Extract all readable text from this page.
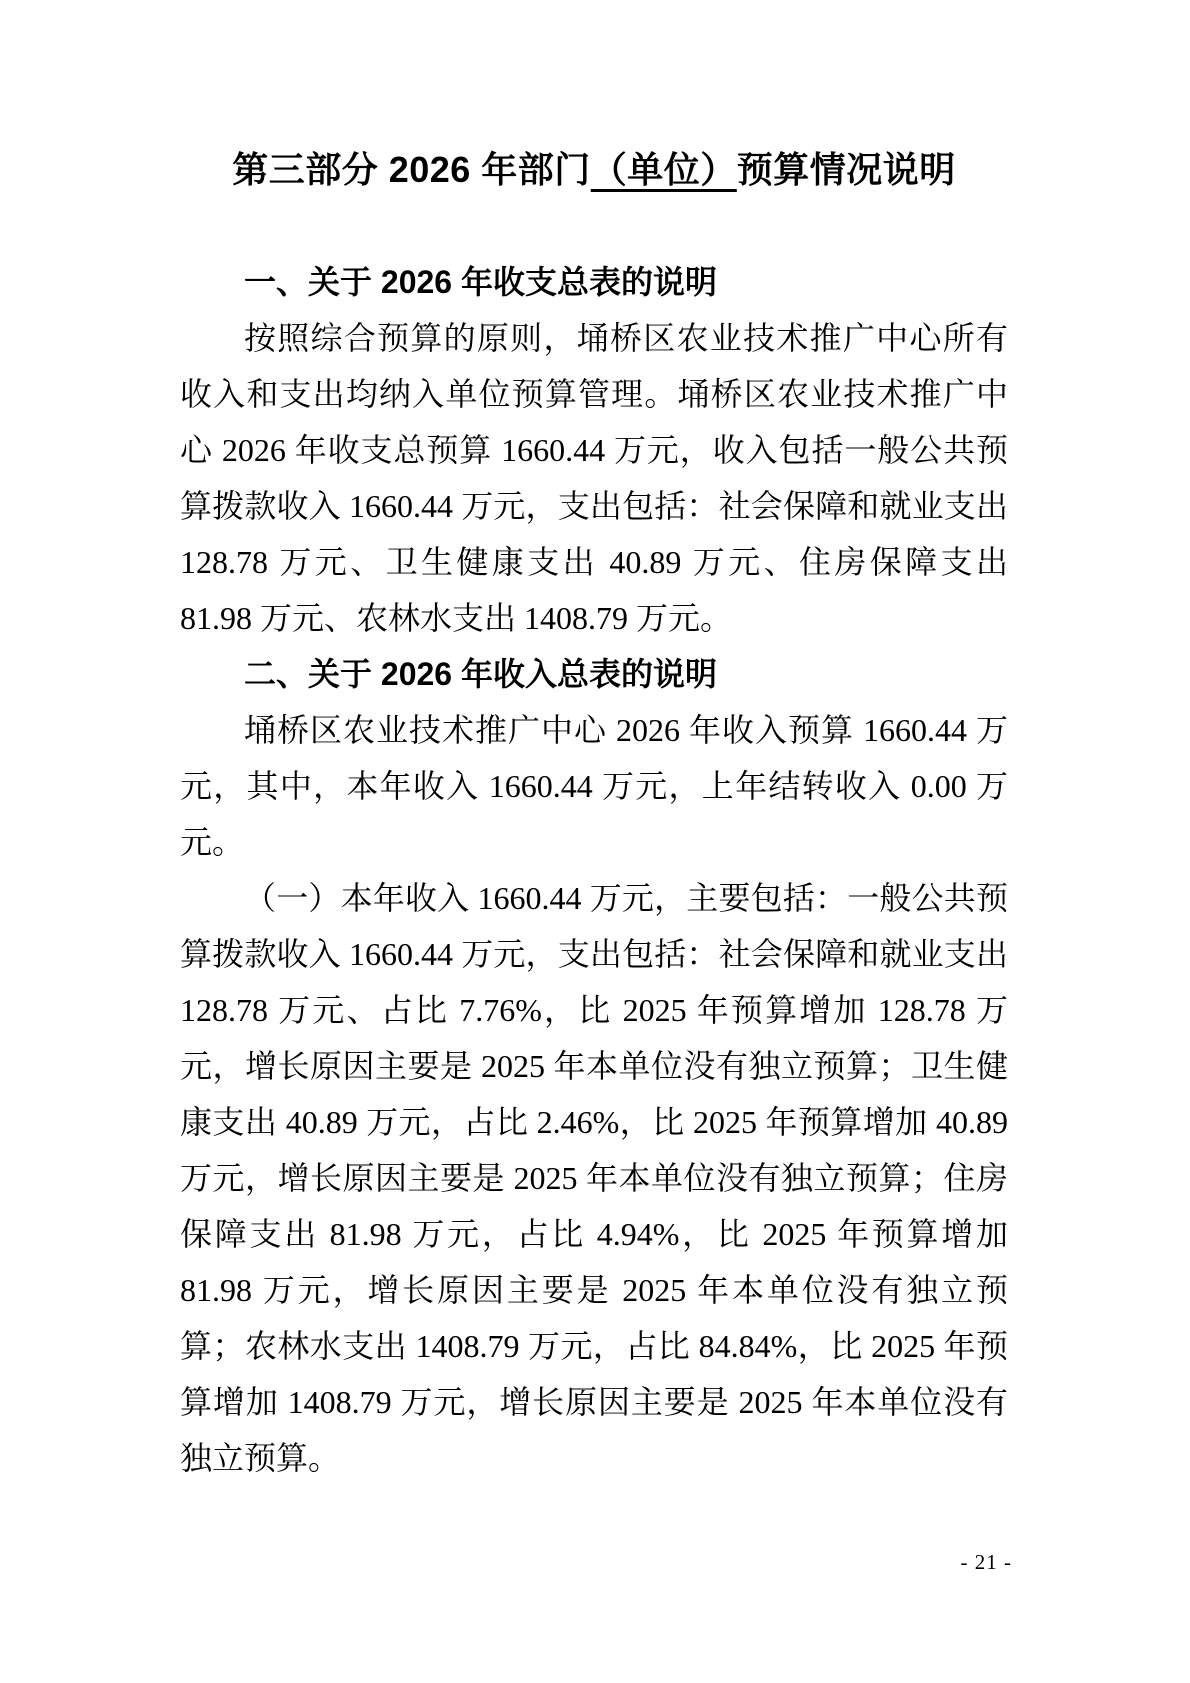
第三部分 2026 年部门（单位）预算情况说明
一、关于 2026 年收支总表的说明

按照综合预算的原则，埇桥区农业技术推广中心所有收入和支出均纳入单位预算管理。埇桥区农业技术推广中心 2026 年收支总预算 1660.44 万元，收入包括一般公共预算拨款收入 1660.44 万元，支出包括：社会保障和就业支出 128.78 万元、卫生健康支出 40.89 万元、住房保障支出 81.98 万元、农林水支出 1408.79 万元。

二、关于 2026 年收入总表的说明

埇桥区农业技术推广中心 2026 年收入预算 1660.44 万元，其中，本年收入 1660.44 万元，上年结转收入 0.00 万元。

（一）本年收入 1660.44 万元，主要包括：一般公共预算拨款收入 1660.44 万元，支出包括：社会保障和就业支出 128.78 万元、占比 7.76%，比 2025 年预算增加 128.78 万元，增长原因主要是 2025 年本单位没有独立预算；卫生健康支出 40.89 万元，占比 2.46%，比 2025 年预算增加 40.89 万元，增长原因主要是 2025 年本单位没有独立预算；住房保障支出 81.98 万元，占比 4.94%，比 2025 年预算增加 81.98 万元，增长原因主要是 2025 年本单位没有独立预算；农林水支出 1408.79 万元，占比 84.84%，比 2025 年预算增加 1408.79 万元，增长原因主要是 2025 年本单位没有独立预算。

- 21 -
